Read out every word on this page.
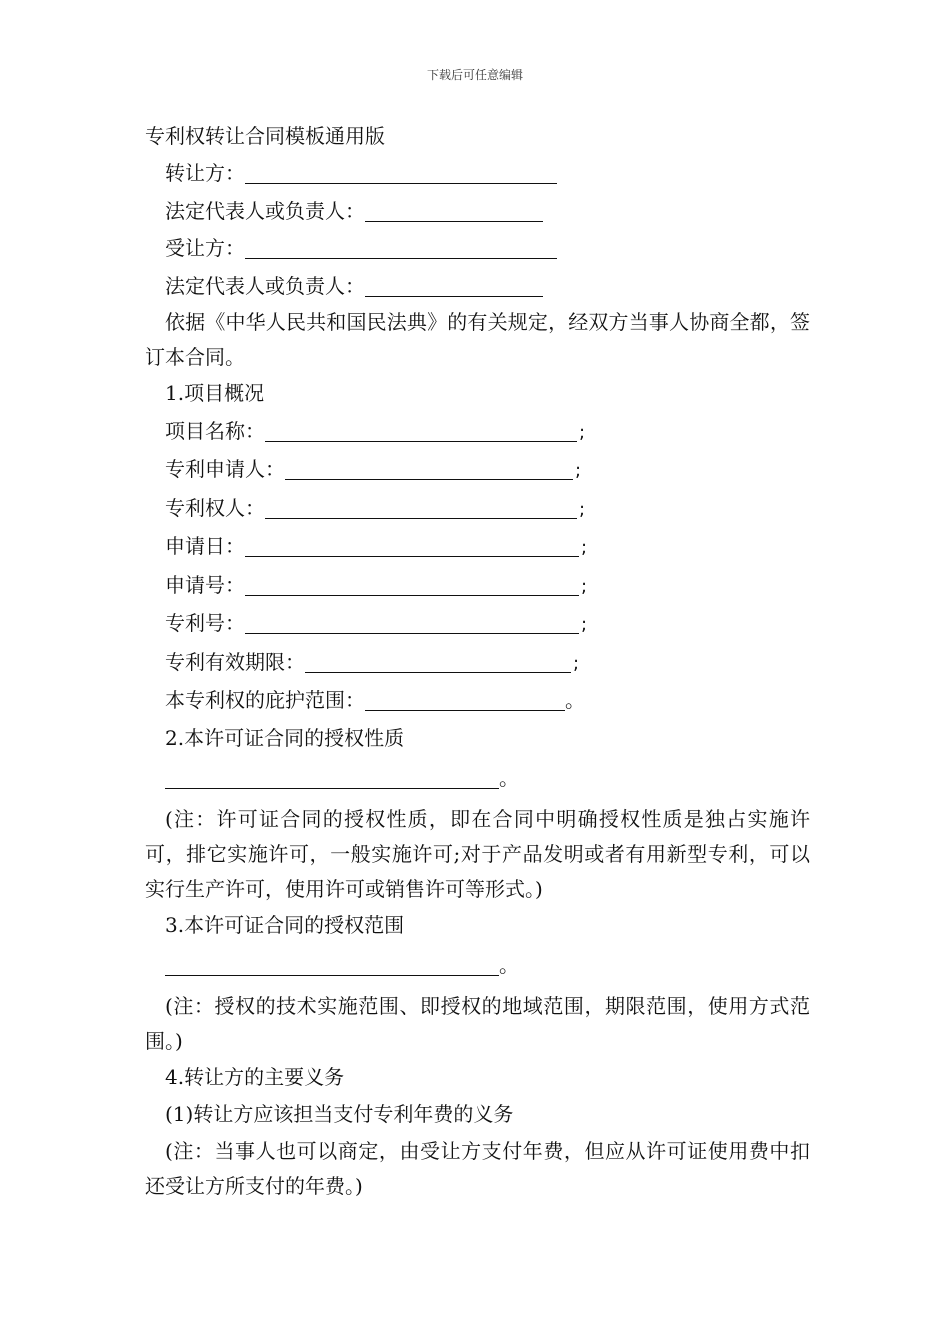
下载后可任意编辑
专利权转让合同模板通用版
转让方：
法定代表人或负责人：
受让方：
法定代表人或负责人：
依据《中华人民共和国民法典》的有关规定，经双方当事人协商全都，签订本合同。
1.项目概况
项目名称：	;
专利申请人：	;
专利权人：	;
申请日：	;
申请号：	;
专利号：	;
专利有效期限：	;
本专利权的庇护范围：	。
2.本许可证合同的授权性质
。
(注：许可证合同的授权性质，即在合同中明确授权性质是独占实施许可，排它实施许可，一般实施许可;对于产品发明或者有用新型专利，可以实行生产许可，使用许可或销售许可等形式。)
3.本许可证合同的授权范围
。
(注：授权的技术实施范围、即授权的地域范围，期限范围，使用方式范围。)
4.转让方的主要义务
(1)转让方应该担当支付专利年费的义务
(注：当事人也可以商定，由受让方支付年费，但应从许可证使用费中扣还受让方所支付的年费。)
